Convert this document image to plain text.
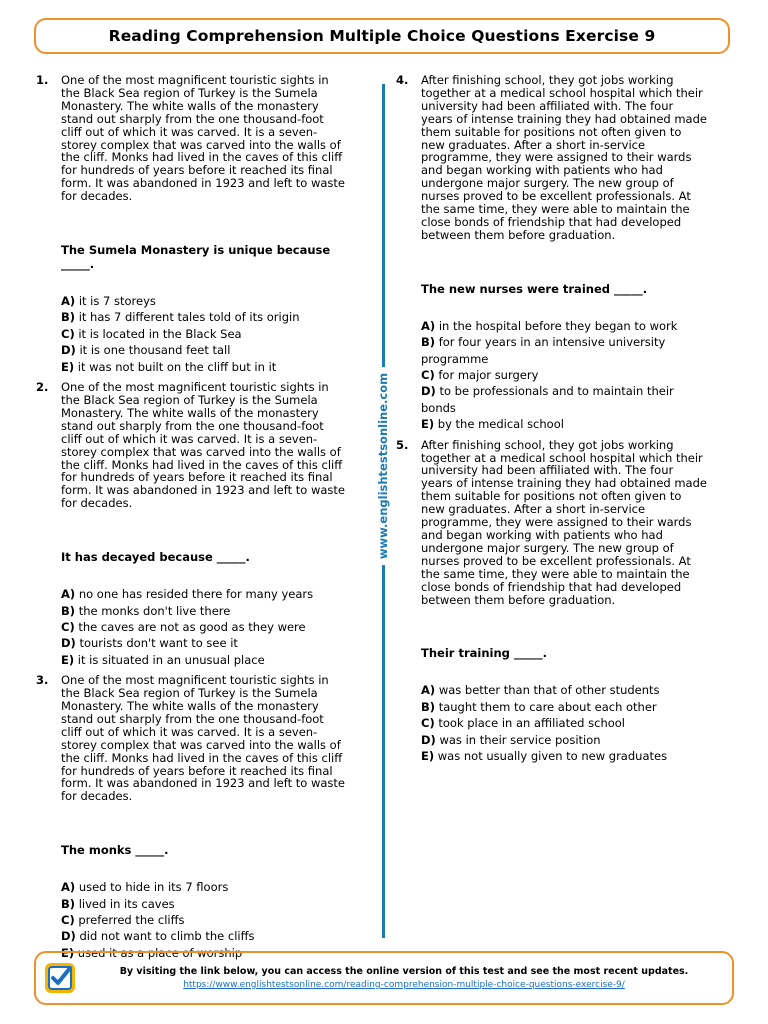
Reading Comprehension Multiple Choice Questions Exercise 9
1. One of the most magnificent touristic sights in the Black Sea region of Turkey is the Sumela Monastery. The white walls of the monastery stand out sharply from the one thousand-foot cliff out of which it was carved. It is a seven-storey complex that was carved into the walls of the cliff. Monks had lived in the caves of this cliff for hundreds of years before it reached its final form. It was abandoned in 1923 and left to waste for decades.

The Sumela Monastery is unique because _____.
A) it is 7 storeys
B) it has 7 different tales told of its origin
C) it is located in the Black Sea
D) it is one thousand feet tall
E) it was not built on the cliff but in it
2. One of the most magnificent touristic sights in the Black Sea region of Turkey is the Sumela Monastery. The white walls of the monastery stand out sharply from the one thousand-foot cliff out of which it was carved. It is a seven-storey complex that was carved into the walls of the cliff. Monks had lived in the caves of this cliff for hundreds of years before it reached its final form. It was abandoned in 1923 and left to waste for decades.

It has decayed because _____.
A) no one has resided there for many years
B) the monks don't live there
C) the caves are not as good as they were
D) tourists don't want to see it
E) it is situated in an unusual place
3. One of the most magnificent touristic sights in the Black Sea region of Turkey is the Sumela Monastery. The white walls of the monastery stand out sharply from the one thousand-foot cliff out of which it was carved. It is a seven-storey complex that was carved into the walls of the cliff. Monks had lived in the caves of this cliff for hundreds of years before it reached its final form. It was abandoned in 1923 and left to waste for decades.

The monks _____.
A) used to hide in its 7 floors
B) lived in its caves
C) preferred the cliffs
D) did not want to climb the cliffs
E) used it as a place of worship
www.englishtestsonline.com
4. After finishing school, they got jobs working together at a medical school hospital which their university had been affiliated with. The four years of intense training they had obtained made them suitable for positions not often given to new graduates. After a short in-service programme, they were assigned to their wards and began working with patients who had undergone major surgery. The new group of nurses proved to be excellent professionals. At the same time, they were able to maintain the close bonds of friendship that had developed between them before graduation.

The new nurses were trained _____.
A) in the hospital before they began to work
B) for four years in an intensive university programme
C) for major surgery
D) to be professionals and to maintain their bonds
E) by the medical school
5. After finishing school, they got jobs working together at a medical school hospital which their university had been affiliated with. The four years of intense training they had obtained made them suitable for positions not often given to new graduates. After a short in-service programme, they were assigned to their wards and began working with patients who had undergone major surgery. The new group of nurses proved to be excellent professionals. At the same time, they were able to maintain the close bonds of friendship that had developed between them before graduation.

Their training _____.
A) was better than that of other students
B) taught them to care about each other
C) took place in an affiliated school
D) was in their service position
E) was not usually given to new graduates
By visiting the link below, you can access the online version of this test and see the most recent updates.
https://www.englishtestsonline.com/reading-comprehension-multiple-choice-questions-exercise-9/
